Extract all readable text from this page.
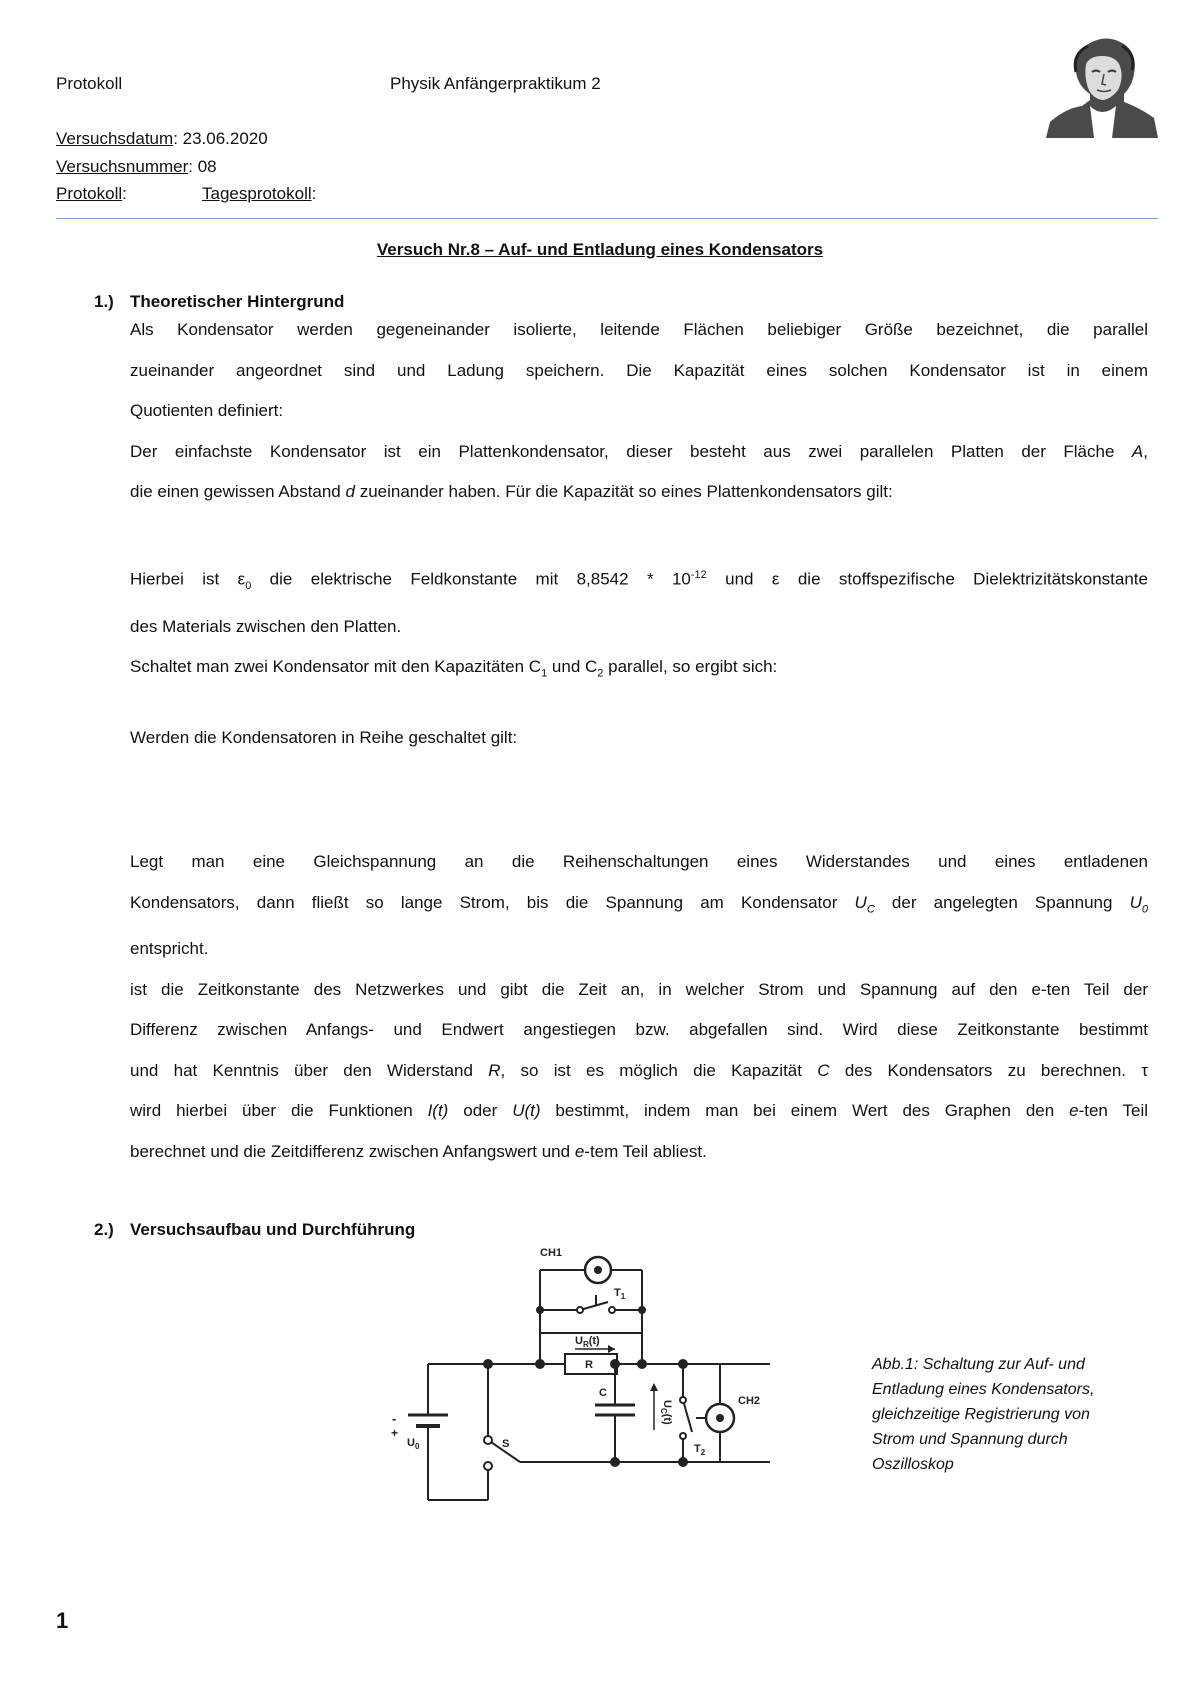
Protokoll	Physik Anfängerpraktikum 2
Versuchsdatum: 23.06.2020
Versuchsnummer: 08
Protokoll:	Tagesprotokoll:
Versuch Nr.8 – Auf- und Entladung eines Kondensators
1.) Theoretischer Hintergrund
Als Kondensator werden gegeneinander isolierte, leitende Flächen beliebiger Größe bezeichnet, die parallel
zueinander angeordnet sind und Ladung speichern. Die Kapazität eines solchen Kondensator ist in einem
Quotienten definiert:
Der einfachste Kondensator ist ein Plattenkondensator, dieser besteht aus zwei parallelen Platten der Fläche A,
die einen gewissen Abstand d zueinander haben. Für die Kapazität so eines Plattenkondensators gilt:
Hierbei ist $\varepsilon_0$ die elektrische Feldkonstante mit $8,8542 * 10^{-12}$ und ε die stoffspezifische Dielektrizitätskonstante
des Materials zwischen den Platten.
Schaltet man zwei Kondensator mit den Kapazitäten $C_1$ und $C_2$ parallel, so ergibt sich:
Werden die Kondensatoren in Reihe geschaltet gilt:
Legt man eine Gleichspannung an die Reihenschaltungen eines Widerstandes und eines entladenen
Kondensators, dann fließt so lange Strom, bis die Spannung am Kondensator $U_C$ der angelegten Spannung $U_0$
entspricht.
ist die Zeitkonstante des Netzwerkes und gibt die Zeit an, in welcher Strom und Spannung auf den e-ten Teil der
Differenz zwischen Anfangs- und Endwert angestiegen bzw. abgefallen sind. Wird diese Zeitkonstante bestimmt
und hat Kenntnis über den Widerstand R, so ist es möglich die Kapazität C des Kondensators zu berechnen. τ
wird hierbei über die Funktionen I(t) oder U(t) bestimmt, indem man bei einem Wert des Graphen den e-ten Teil
berechnet und die Zeitdifferenz zwischen Anfangswert und e-tem Teil abliest.
2.) Versuchsaufbau und Durchführung
CH1
$T_1$
$U_R(t)$
R
C
$U_C(t)$
$T_2$
CH2
S
$U_0$
-
+
Abb.1: Schaltung zur Auf- und
Entladung eines Kondensators,
gleichzeitige Registrierung von
Strom und Spannung durch
Oszilloskop
1
